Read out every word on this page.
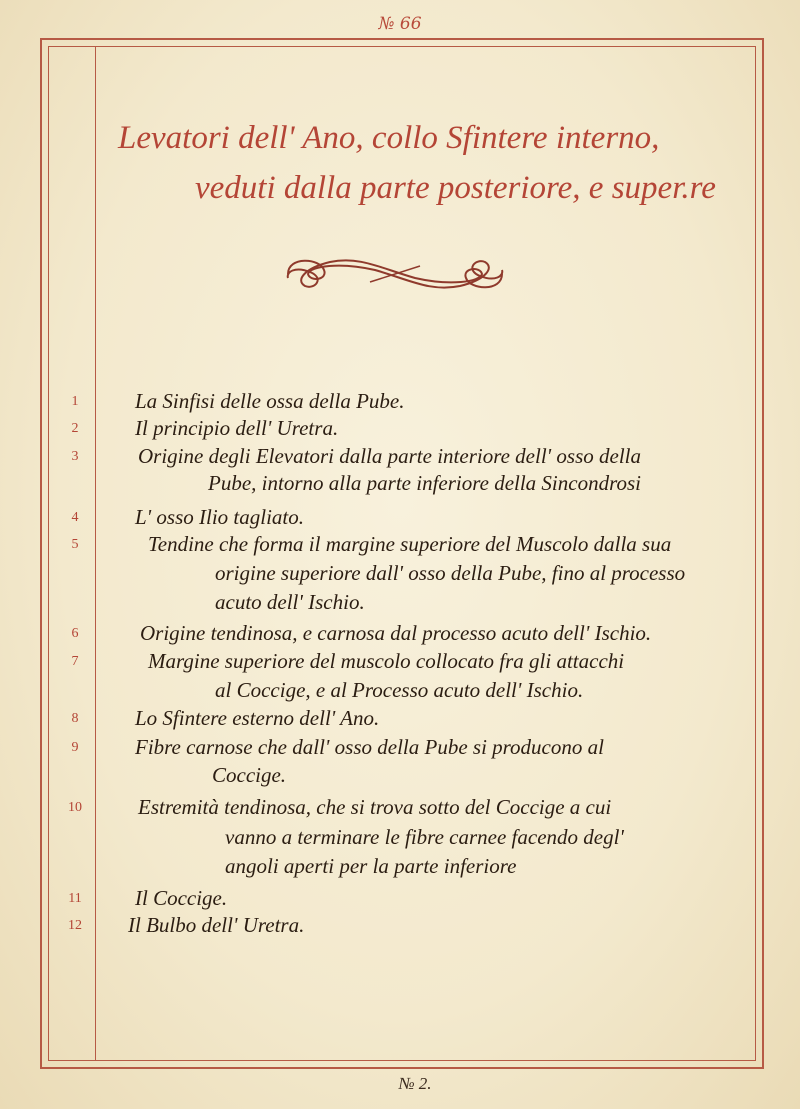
№ 66
Levatori dell' Ano, collo Sfintere interno,
veduti dalla parte posteriore, e super.re
1	La Sinfisi delle ossa della Pube.
2	Il principio dell' Uretra.
3	Origine degli Elevatori dalla parte interiore dell' osso della
Pube, intorno alla parte inferiore della Sincondrosi
4	L' osso Ilio tagliato.
5	Tendine che forma il margine superiore del Muscolo dalla sua
origine superiore dall' osso della Pube, fino al processo
acuto dell' Ischio.
6	Origine tendinosa, e carnosa dal processo acuto dell' Ischio.
7	Margine superiore del muscolo collocato fra gli attacchi
al Coccige, e al Processo acuto dell' Ischio.
8	Lo Sfintere esterno dell' Ano.
9	Fibre carnose che dall' osso della Pube si producono al
Coccige.
10	Estremità tendinosa, che si trova sotto del Coccige a cui
vanno a terminare le fibre carnee facendo degl'
angoli aperti per la parte inferiore
11	Il Coccige.
12	Il Bulbo dell' Uretra.
№ 2.
